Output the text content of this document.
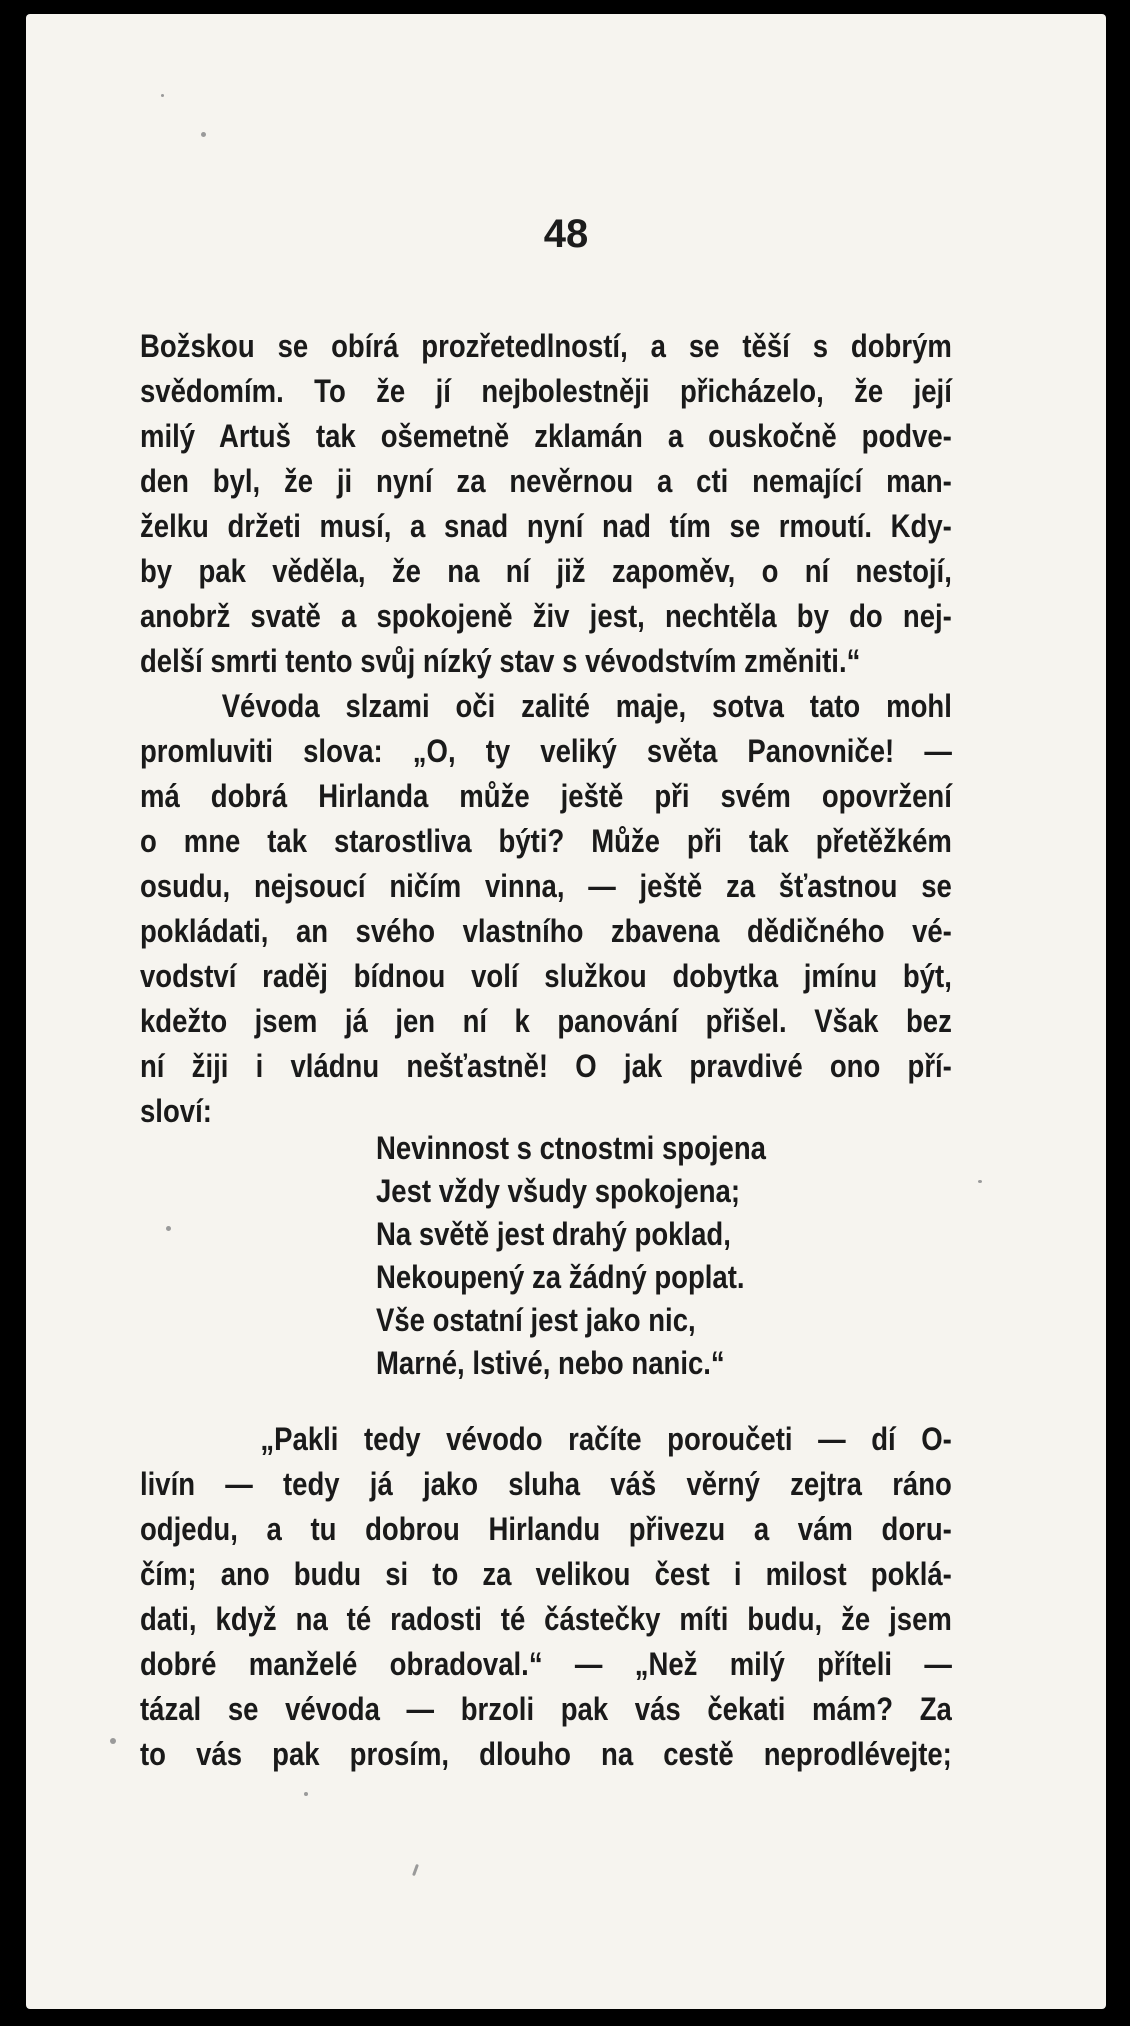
48
Božskou se obírá prozřetedlností, a se těší s dobrým
svědomím. To že jí nejbolestněji přicházelo, že její
milý Artuš tak ošemetně zklamán a ouskočně podve-
den byl, že ji nyní za nevěrnou a cti nemající man-
želku držeti musí, a snad nyní nad tím se rmoutí. Kdy-
by pak věděla, že na ní již zapoměv, o ní nestojí,
anobrž svatě a spokojeně živ jest, nechtěla by do nej-
delší smrti tento svůj nízký stav s vévodstvím změniti.“
Vévoda slzami oči zalité maje, sotva tato mohl
promluviti slova: „O, ty veliký světa Panovniče! —
má dobrá Hirlanda může ještě při svém opovržení
o mne tak starostliva býti? Může při tak přetěžkém
osudu, nejsoucí ničím vinna, — ještě za šťastnou se
pokládati, an svého vlastního zbavena dědičného vé-
vodství raděj bídnou volí služkou dobytka jmínu být,
kdežto jsem já jen ní k panování přišel. Však bez
ní žiji i vládnu nešťastně! O jak pravdivé ono pří-
sloví:
Nevinnost s ctnostmi spojena
Jest vždy všudy spokojena;
Na světě jest drahý poklad,
Nekoupený za žádný poplat.
Vše ostatní jest jako nic,
Marné, lstivé, nebo nanic.“
„Pakli tedy vévodo račíte poroučeti — dí O-
livín — tedy já jako sluha váš věrný zejtra ráno
odjedu, a tu dobrou Hirlandu přivezu a vám doru-
čím; ano budu si to za velikou čest i milost poklá-
dati, když na té radosti té částečky míti budu, že jsem
dobré manželé obradoval.“ — „Než milý příteli —
tázal se vévoda — brzoli pak vás čekati mám? Za
to vás pak prosím, dlouho na cestě neprodlévejte;
